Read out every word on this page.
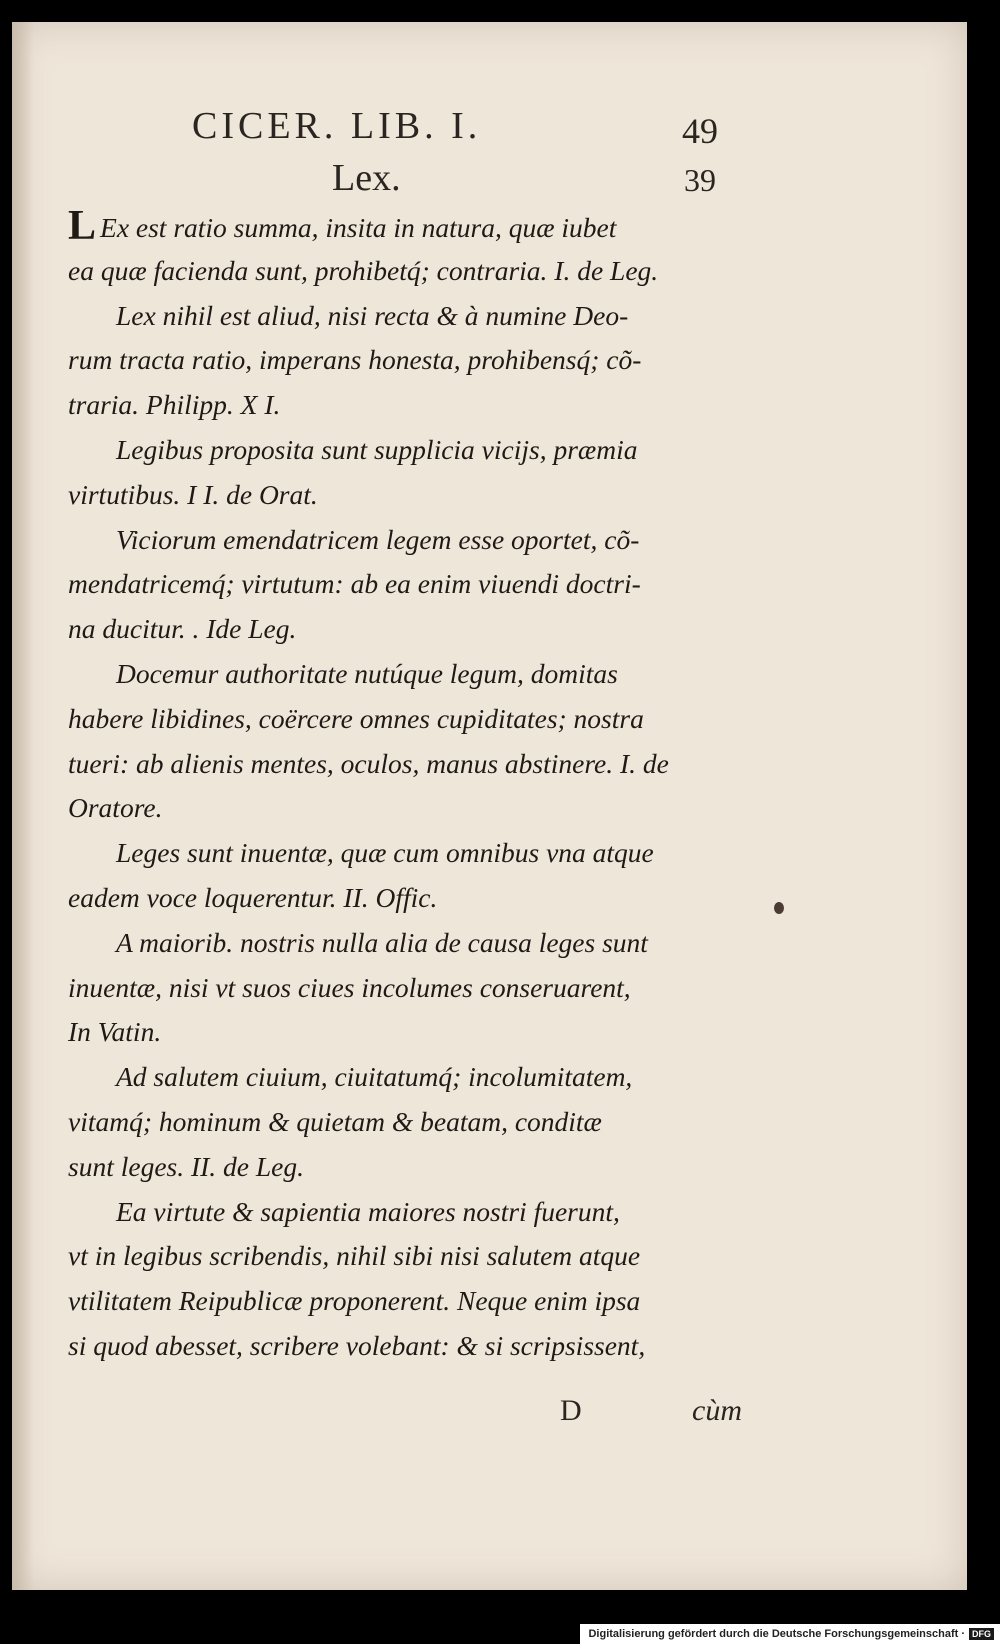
CICER. LIB. I.	49
Lex.	39
L Ex est ratio summa, insita in natura, quæ iubet
ea quæ facienda sunt, prohibetq́; contraria. I. de Leg.
Lex nihil est aliud, nisi recta & à numine Deo-
rum tracta ratio, imperans honesta, prohibensq́; cõ-
traria. Philipp. X I.
Legibus proposita sunt supplicia vicijs, præmia
virtutibus. I I. de Orat.
Viciorum emendatricem legem esse oportet, cõ-
mendatricemq́; virtutum: ab ea enim viuendi doctri-
na ducitur. . Ide Leg.
Docemur authoritate nutúque legum, domitas
habere libidines, coërcere omnes cupiditates; nostra
tueri: ab alienis mentes, oculos, manus abstinere. I. de
Oratore.
Leges sunt inuentæ, quæ cum omnibus vna atque
eadem voce loquerentur. II. Offic.
A maiorib. nostris nulla alia de causa leges sunt
inuentæ, nisi vt suos ciues incolumes conseruarent,
In Vatin.
Ad salutem ciuium, ciuitatumq́; incolumitatem,
vitamq́; hominum & quietam & beatam, conditæ
sunt leges. II. de Leg.
Ea virtute & sapientia maiores nostri fuerunt,
vt in legibus scribendis, nihil sibi nisi salutem atque
vtilitatem Reipublicæ proponerent. Neque enim ipsa
si quod abesset, scribere volebant: & si scripsissent,
D	cùm
Digitalisierung gefördert durch die Deutsche Forschungsgemeinschaft · DFG
